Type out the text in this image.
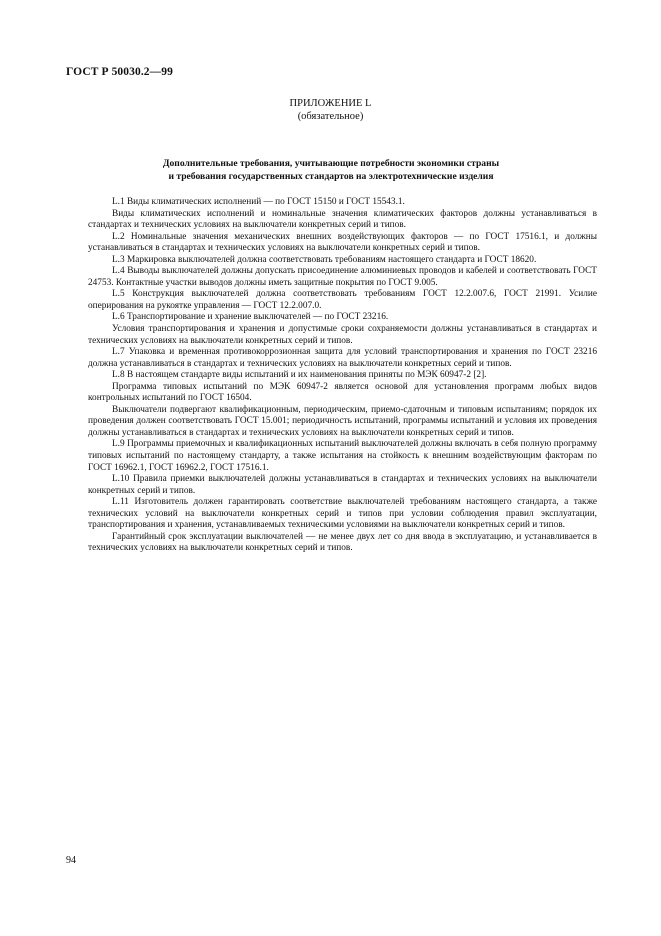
ГОСТ Р 50030.2—99
ПРИЛОЖЕНИЕ L
(обязательное)
Дополнительные требования, учитывающие потребности экономики страны
и требования государственных стандартов на электротехнические изделия

L.1 Виды климатических исполнений — по ГОСТ 15150 и ГОСТ 15543.1.

Виды климатических исполнений и номинальные значения климатических факторов должны устанавливаться в стандартах и технических условиях на выключатели конкретных серий и типов.

L.2 Номинальные значения механических внешних воздействующих факторов — по ГОСТ 17516.1, и должны устанавливаться в стандартах и технических условиях на выключатели конкретных серий и типов.

L.3 Маркировка выключателей должна соответствовать требованиям настоящего стандарта и ГОСТ 18620.

L.4 Выводы выключателей должны допускать присоединение алюминиевых проводов и кабелей и соответствовать ГОСТ 24753. Контактные участки выводов должны иметь защитные покрытия по ГОСТ 9.005.

L.5 Конструкция выключателей должна соответствовать требованиям ГОСТ 12.2.007.6, ГОСТ 21991. Усилие оперирования на рукоятке управления — ГОСТ 12.2.007.0.

L.6 Транспортирование и хранение выключателей — по ГОСТ 23216.

Условия транспортирования и хранения и допустимые сроки сохраняемости должны устанавливаться в стандартах и технических условиях на выключатели конкретных серий и типов.

L.7 Упаковка и временная противокоррозионная защита для условий транспортирования и хранения по ГОСТ 23216 должна устанавливаться в стандартах и технических условиях на выключатели конкретных серий и типов.

L.8 В настоящем стандарте виды испытаний и их наименования приняты по МЭК 60947-2 [2].

Программа типовых испытаний по МЭК 60947-2 является основой для установления программ любых видов контрольных испытаний по ГОСТ 16504.

Выключатели подвергают квалификационным, периодическим, приемо-сдаточным и типовым испытаниям; порядок их проведения должен соответствовать ГОСТ 15.001; периодичность испытаний, программы испытаний и условия их проведения должны устанавливаться в стандартах и технических условиях на выключатели конкретных серий и типов.

L.9 Программы приемочных и квалификационных испытаний выключателей должны включать в себя полную программу типовых испытаний по настоящему стандарту, а также испытания на стойкость к внешним воздействующим факторам по ГОСТ 16962.1, ГОСТ 16962.2, ГОСТ 17516.1.

L.10 Правила приемки выключателей должны устанавливаться в стандартах и технических условиях на выключатели конкретных серий и типов.

L.11 Изготовитель должен гарантировать соответствие выключателей требованиям настоящего стандарта, а также технических условий на выключатели конкретных серий и типов при условии соблюдения правил эксплуатации, транспортирования и хранения, устанавливаемых техническими условиями на выключатели конкретных серий и типов.

Гарантийный срок эксплуатации выключателей — не менее двух лет со дня ввода в эксплуатацию, и устанавливается в технических условиях на выключатели конкретных серий и типов.

94
